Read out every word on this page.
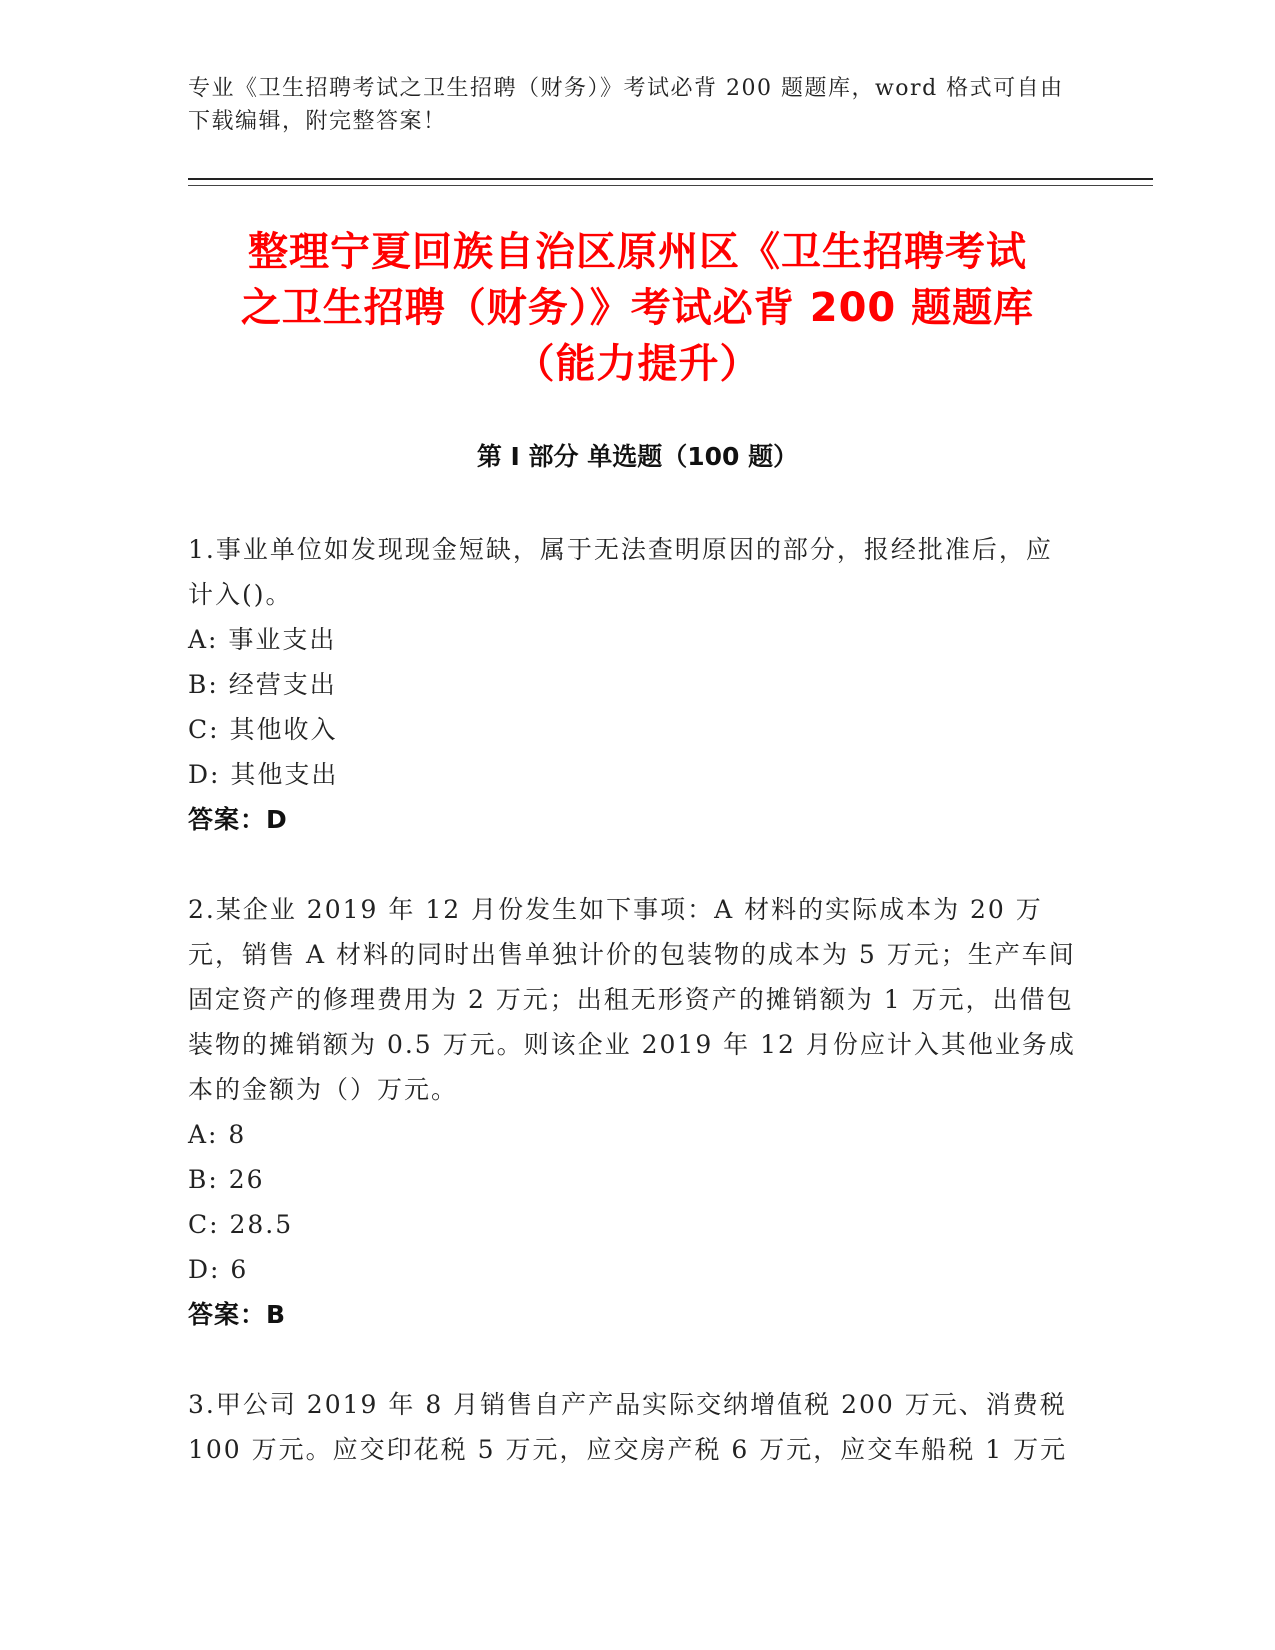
专业《卫生招聘考试之卫生招聘（财务）》考试必背 200 题题库，word 格式可自由下载编辑，附完整答案！
整理宁夏回族自治区原州区《卫生招聘考试
之卫生招聘（财务）》考试必背 200 题题库
（能力提升）
第 I 部分 单选题（100 题）
1.事业单位如发现现金短缺，属于无法查明原因的部分，报经批准后，应计入()。
A: 事业支出
B: 经营支出
C: 其他收入
D: 其他支出
答案：D
2.某企业 2019 年 12 月份发生如下事项：A 材料的实际成本为 20 万元，销售 A 材料的同时出售单独计价的包装物的成本为 5 万元；生产车间固定资产的修理费用为 2 万元；出租无形资产的摊销额为 1 万元，出借包装物的摊销额为 0.5 万元。则该企业 2019 年 12 月份应计入其他业务成本的金额为（）万元。
A: 8
B: 26
C: 28.5
D: 6
答案：B
3.甲公司 2019 年 8 月销售自产产品实际交纳增值税 200 万元、消费税 100 万元。应交印花税 5 万元，应交房产税 6 万元，应交车船税 1 万元
